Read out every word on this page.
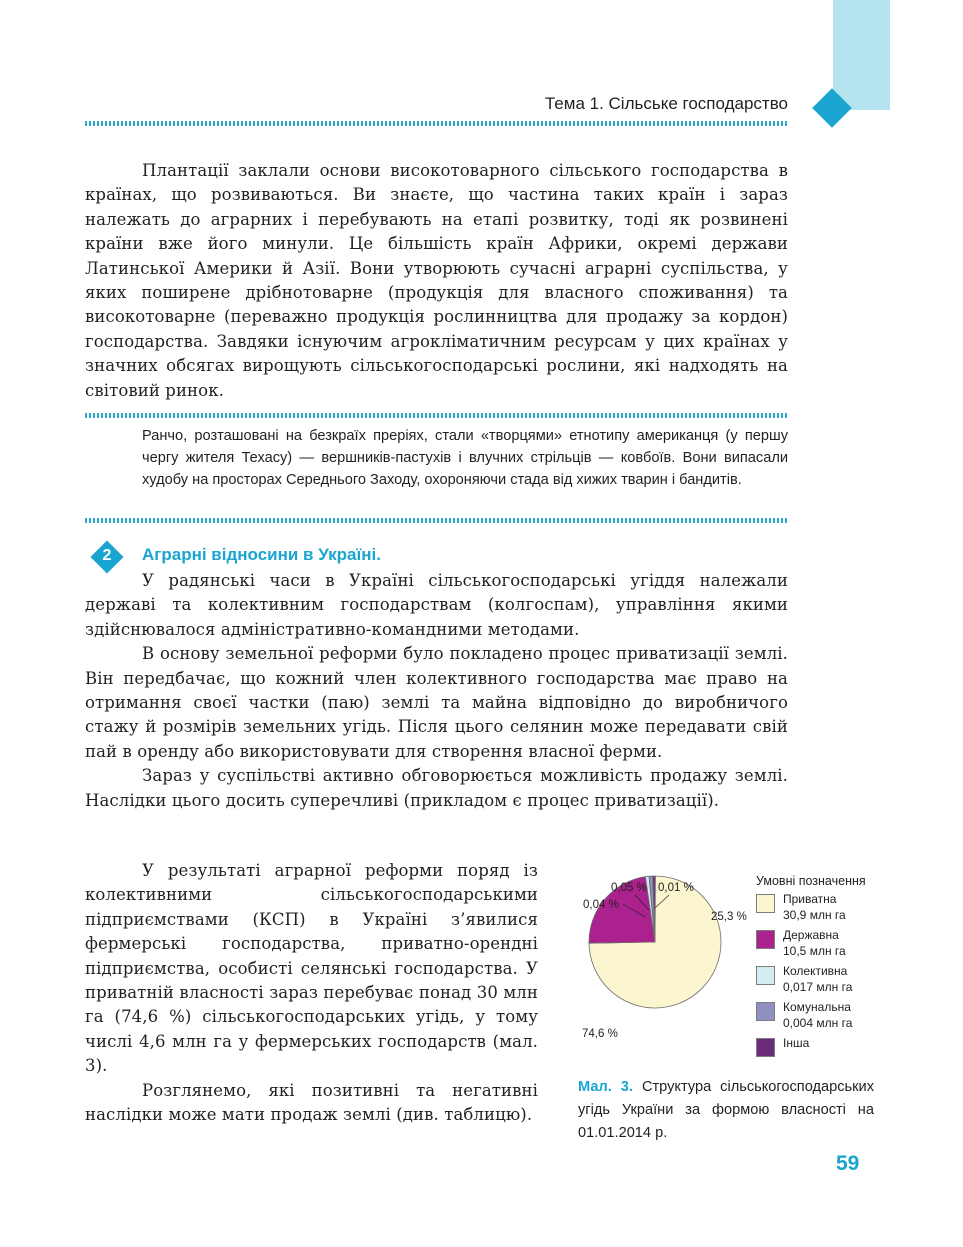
Тема 1. Сільське господарство

Плантації заклали основи високотоварного сільського господарства в країнах, що розвиваються. Ви знаєте, що частина таких країн і зараз належать до аграрних і перебувають на етапі розвитку, тоді як розвинені країни вже його минули. Це більшість країн Африки, окремі держави Латинської Америки й Азії. Вони утворюють сучасні аграрні суспільства, у яких поширене дрібнотоварне (продукція для власного споживання) та високотоварне (переважно продукція рослинництва для продажу за кордон) господарства. Завдяки існуючим агрокліматичним ресурсам у цих країнах у значних обсягах вирощують сільськогосподарські рослини, які надходять на світовий ринок.

Ранчо, розташовані на безкраїх преріях, стали «творцями» етнотипу американця (у першу чергу жителя Техасу) — вершників-пастухів і влучних стрільців — ковбоїв. Вони випасали худобу на просторах Середнього Заходу, охороняючи стада від хижих тварин і бандитів.

2	Аграрні відносини в Україні.

У радянські часи в Україні сільськогосподарські угіддя належали державі та колективним господарствам (колгоспам), управління якими здійснювалося адміністративно-командними методами.

В основу земельної реформи було покладено процес приватизації землі. Він передбачає, що кожний член колективного господарства має право на отримання своєї частки (паю) землі та майна відповідно до виробничого стажу й розмірів земельних угідь. Після цього селянин може передавати свій пай в оренду або використовувати для створення власної ферми.

Зараз у суспільстві активно обговорюється можливість продажу землі. Наслідки цього досить суперечливі (прикладом є процес приватизації).

У результаті аграрної реформи поряд із колективними сільськогосподарськими підприємствами (КСП) в Україні з’явилися фермерські господарства, приватно-орендні підприємства, особисті селянські господарства. У приватній власності зараз перебуває понад 30 млн га (74,6 %) сільськогосподарських угідь, у тому числі 4,6 млн га у фермерських господарств (мал. 3).

Розглянемо, які позитивні та негативні наслідки може мати продаж землі (див. таблицю).

74,6 %
25,3 %
0,04 %
0,05 % 0,01 %	Умовні позначення
Приватна
30,9 млн га
Державна
10,5 млн га
Колективна
0,017 млн га
Комунальна
0,004 млн га
Інша

Мал. 3. Структура сільськогосподарських угідь України за формою власності на 01.01.2014 р.

59
